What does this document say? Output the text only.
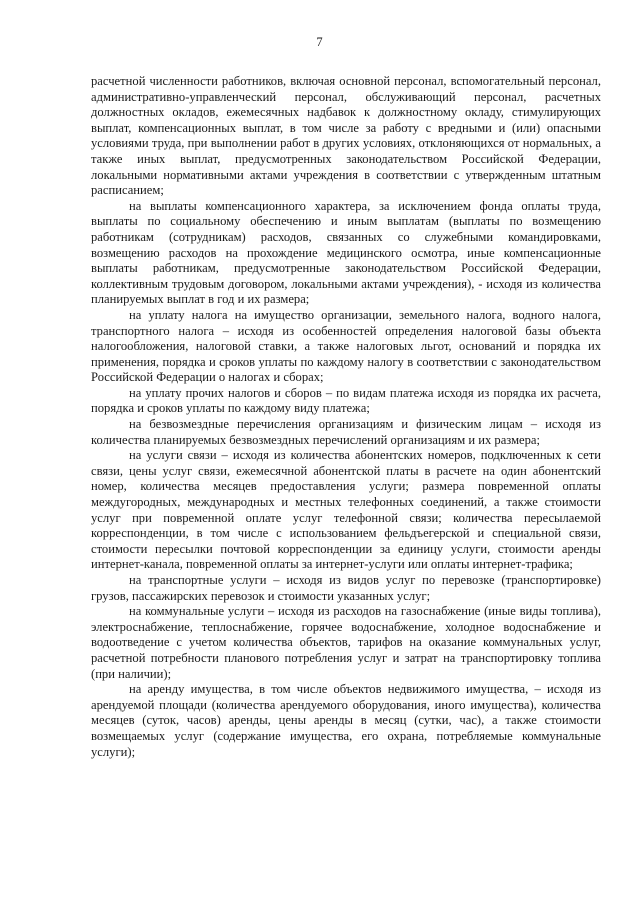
7

расчетной численности работников, включая основной персонал, вспомогательный персонал, административно-управленческий персонал, обслуживающий персонал, расчетных должностных окладов, ежемесячных надбавок к должностному окладу, стимулирующих выплат, компенсационных выплат, в том числе за работу с вредными и (или) опасными условиями труда, при выполнении работ в других условиях, отклоняющихся от нормальных, а также иных выплат, предусмотренных законодательством Российской Федерации, локальными нормативными актами учреждения в соответствии с утвержденным штатным расписанием;

на выплаты компенсационного характера, за исключением фонда оплаты труда, выплаты по социальному обеспечению и иным выплатам (выплаты по возмещению работникам (сотрудникам) расходов, связанных со служебными командировками, возмещению расходов на прохождение медицинского осмотра, иные компенсационные выплаты работникам, предусмотренные законодательством Российской Федерации, коллективным трудовым договором, локальными актами учреждения), - исходя из количества планируемых выплат в год и их размера;

на уплату налога на имущество организации, земельного налога, водного налога, транспортного налога – исходя из особенностей определения налоговой базы объекта налогообложения, налоговой ставки, а также налоговых льгот, оснований и порядка их применения, порядка и сроков уплаты по каждому налогу в соответствии с законодательством Российской Федерации о налогах и сборах;

на уплату прочих налогов и сборов – по видам платежа исходя из порядка их расчета, порядка и сроков уплаты по каждому виду платежа;

на безвозмездные перечисления организациям и физическим лицам – исходя из количества планируемых безвозмездных перечислений организациям и их размера;

на услуги связи – исходя из количества абонентских номеров, подключенных к сети связи, цены услуг связи, ежемесячной абонентской платы в расчете на один абонентский номер, количества месяцев предоставления услуги; размера повременной оплаты междугородных, международных и местных телефонных соединений, а также стоимости услуг при повременной оплате услуг телефонной связи; количества пересылаемой корреспонденции, в том числе с использованием фельдъегерской и специальной связи, стоимости пересылки почтовой корреспонденции за единицу услуги, стоимости аренды интернет-канала, повременной оплаты за интернет-услуги или оплаты интернет-трафика;

на транспортные услуги – исходя из видов услуг по перевозке (транспортировке) грузов, пассажирских перевозок и стоимости указанных услуг;

на коммунальные услуги – исходя из расходов на газоснабжение (иные виды топлива), электроснабжение, теплоснабжение, горячее водоснабжение, холодное водоснабжение и водоотведение с учетом количества объектов, тарифов на оказание коммунальных услуг, расчетной потребности планового потребления услуг и затрат на транспортировку топлива (при наличии);

на аренду имущества, в том числе объектов недвижимого имущества, – исходя из арендуемой площади (количества арендуемого оборудования, иного имущества), количества месяцев (суток, часов) аренды, цены аренды в месяц (сутки, час), а также стоимости возмещаемых услуг (содержание имущества, его охрана, потребляемые коммунальные услуги);
